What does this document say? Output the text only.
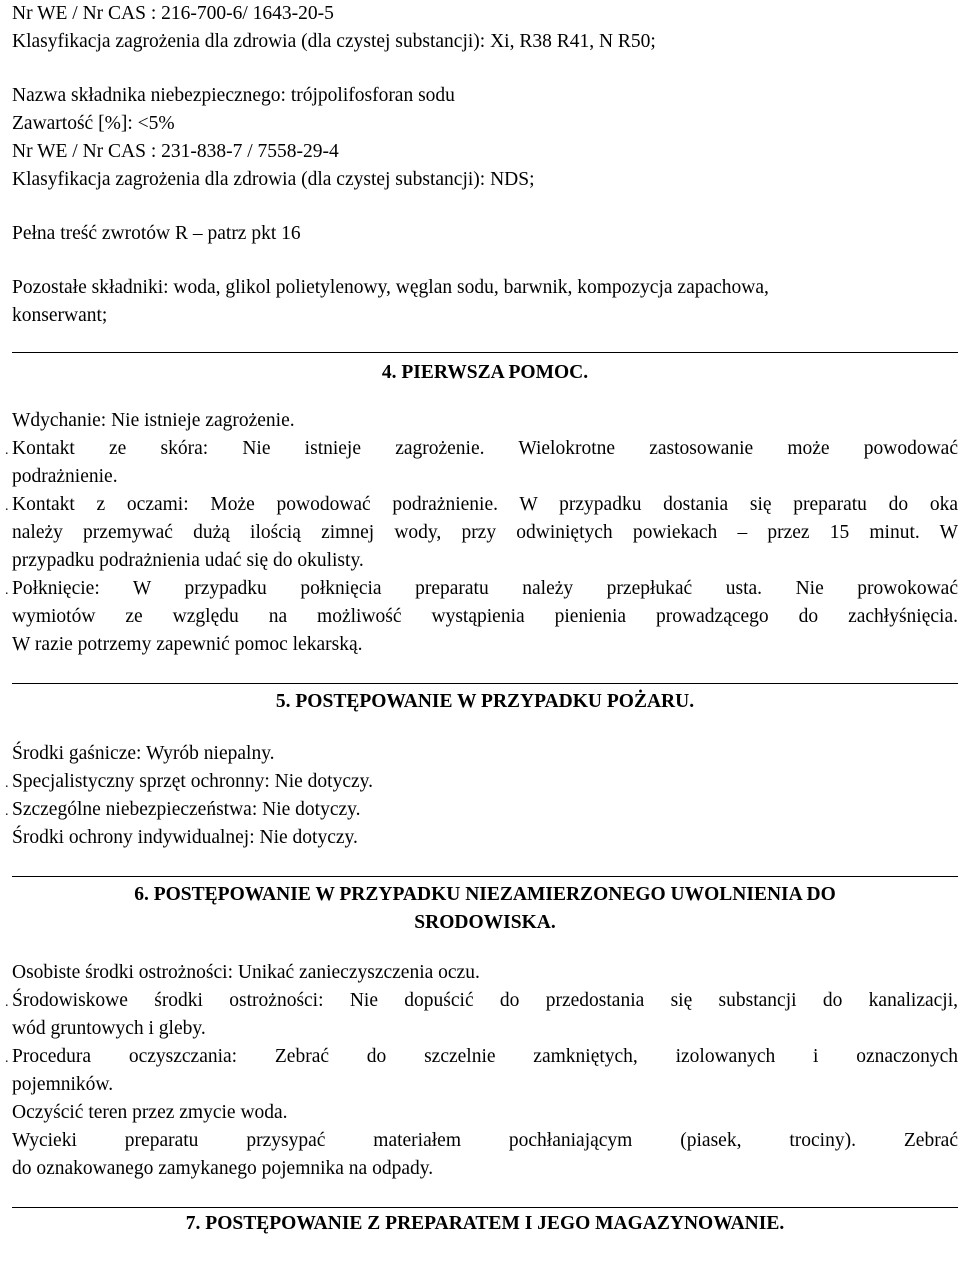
Nr WE / Nr CAS : 216-700-6/ 1643-20-5
Klasyfikacja zagrożenia dla zdrowia (dla czystej substancji): Xi, R38 R41, N R50;
Nazwa składnika niebezpiecznego: trójpolifosforan sodu
Zawartość [%]: <5%
Nr WE / Nr CAS : 231-838-7 / 7558-29-4
Klasyfikacja zagrożenia dla zdrowia (dla czystej substancji): NDS;
Pełna treść zwrotów R – patrz pkt 16
Pozostałe składniki: woda, glikol polietylenowy, węglan sodu, barwnik, kompozycja zapachowa,
konserwant;
4. PIERWSZA POMOC.
Wdychanie: Nie istnieje zagrożenie.
. Kontakt ze skóra: Nie istnieje zagrożenie. Wielokrotne zastosowanie może powodować
podrażnienie.
. Kontakt z oczami: Może powodować podrażnienie. W przypadku dostania się preparatu do oka
należy przemywać dużą ilością zimnej wody, przy odwiniętych powiekach – przez 15 minut. W
przypadku podrażnienia udać się do okulisty.
. Połknięcie: W przypadku połknięcia preparatu należy przepłukać usta. Nie prowokować
wymiotów ze względu na możliwość wystąpienia pienienia prowadzącego do zachłyśnięcia.
W razie potrzemy zapewnić pomoc lekarską.
5. POSTĘPOWANIE W PRZYPADKU POŻARU.
Środki gaśnicze: Wyrób niepalny.
. Specjalistyczny sprzęt ochronny: Nie dotyczy.
. Szczególne niebezpieczeństwa: Nie dotyczy.
Środki ochrony indywidualnej: Nie dotyczy.
6. POSTĘPOWANIE W PRZYPADKU NIEZAMIERZONEGO UWOLNIENIA DO
SRODOWISKA.
Osobiste środki ostrożności: Unikać zanieczyszczenia oczu.
. Środowiskowe środki ostrożności: Nie dopuścić do przedostania się substancji do kanalizacji,
wód gruntowych i gleby.
. Procedura oczyszczania: Zebrać do szczelnie zamkniętych, izolowanych i oznaczonych
pojemników.
Oczyścić teren przez zmycie woda.
Wycieki preparatu przysypać materiałem pochłaniającym (piasek, trociny). Zebrać
do oznakowanego zamykanego pojemnika na odpady.
7. POSTĘPOWANIE Z PREPARATEM I JEGO MAGAZYNOWANIE.
